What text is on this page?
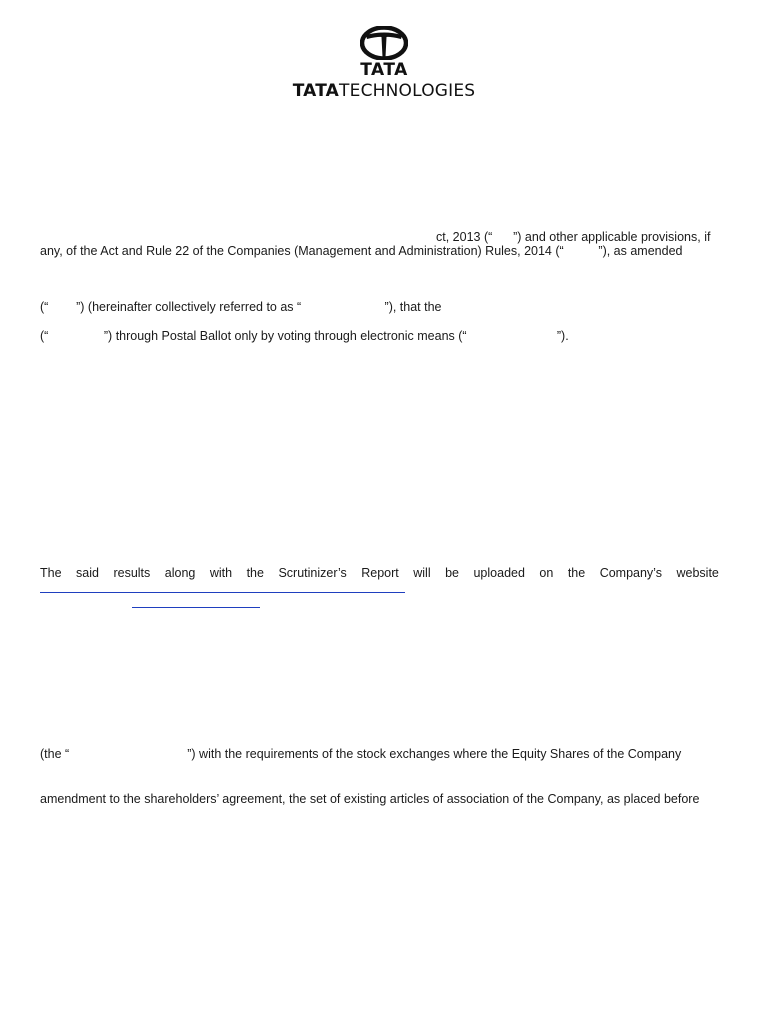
TATA
TATATECHNOLOGIES

ct, 2013 (“      ”) and other applicable provisions, if

any, of the Act and Rule 22 of the Companies (Management and Administration) Rules, 2014 (“          ”), as amended

(“        ”) (hereinafter collectively referred to as “                        ”), that the

(“                ”) through Postal Ballot only by voting through electronic means (“                          ”).

The said results along with the Scrutinizer’s Report will be uploaded on the Company’s website

(the “                                  ”) with the requirements of the stock exchanges where the Equity Shares of the Company

amendment to the shareholders’ agreement, the set of existing articles of association of the Company, as placed before
